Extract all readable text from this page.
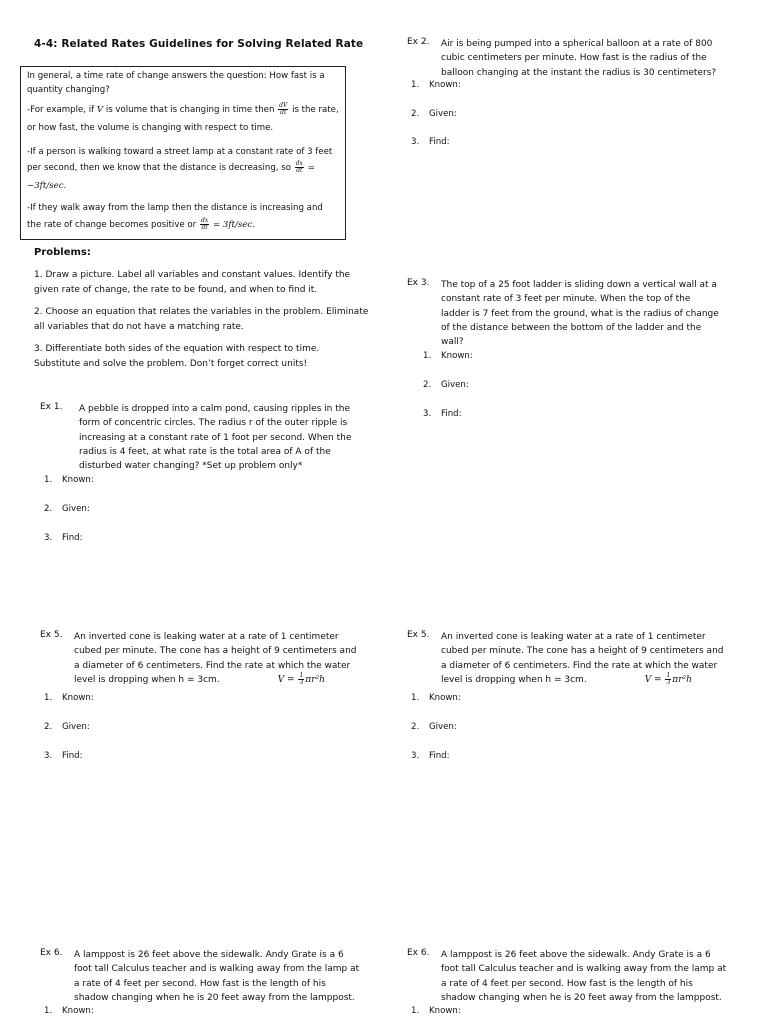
4-4: Related Rates Guidelines for Solving Related Rate
In general, a time rate of change answers the question: How fast is a
quantity changing?
-For example, if V is volume that is changing in time then $\frac{dV}{dt}$ is the rate,
or how fast, the volume is changing with respect to time.
-If a person is walking toward a street lamp at a constant rate of 3 feet
per second, then we know that the distance is decreasing, so $\frac{dx}{dt}$ =
−3ft/sec.
-If they walk away from the lamp then the distance is increasing and
the rate of change becomes positive or $\frac{dx}{dt} = 3ft/\sec$.
Problems:
1. Draw a picture. Label all variables and constant values. Identify the
given rate of change, the rate to be found, and when to find it.
2. Choose an equation that relates the variables in the problem. Eliminate
all variables that do not have a matching rate.
3. Differentiate both sides of the equation with respect to time.
Substitute and solve the problem. Don’t forget correct units!
Ex 1. A pebble is dropped into a calm pond, causing ripples in the
form of concentric circles. The radius r of the outer ripple is
increasing at a constant rate of 1 foot per second. When the
radius is 4 feet, at what rate is the total area of A of the
disturbed water changing? *Set up problem only*
1. Known:
2. Given:
3. Find:
Ex 2. Air is being pumped into a spherical balloon at a rate of 800
cubic centimeters per minute. How fast is the radius of the
balloon changing at the instant the radius is 30 centimeters?
1. Known:
2. Given:
3. Find:
Ex 3. The top of a 25 foot ladder is sliding down a vertical wall at a
constant rate of 3 feet per minute. When the top of the
ladder is 7 feet from the ground, what is the radius of change
of the distance between the bottom of the ladder and the
wall?
1. Known:
2. Given:
3. Find:
Ex 5. An inverted cone is leaking water at a rate of 1 centimeter
cubed per minute. The cone has a height of 9 centimeters and
a diameter of 6 centimeters. Find the rate at which the water
level is dropping when h = 3cm.	$V = \frac{1}{3} \pi r^2h$
1. Known:
2. Given:
3. Find:
Ex 5. An inverted cone is leaking water at a rate of 1 centimeter
cubed per minute. The cone has a height of 9 centimeters and
a diameter of 6 centimeters. Find the rate at which the water
level is dropping when h = 3cm.	$V = \frac{1}{3} \pi r^2h$
1. Known:
2. Given:
3. Find:
Ex 6. A lamppost is 26 feet above the sidewalk. Andy Grate is a 6
foot tall Calculus teacher and is walking away from the lamp at
a rate of 4 feet per second. How fast is the length of his
shadow changing when he is 20 feet away from the lamppost.
1. Known:
Ex 6. A lamppost is 26 feet above the sidewalk. Andy Grate is a 6
foot tall Calculus teacher and is walking away from the lamp at
a rate of 4 feet per second. How fast is the length of his
shadow changing when he is 20 feet away from the lamppost.
1. Known:
